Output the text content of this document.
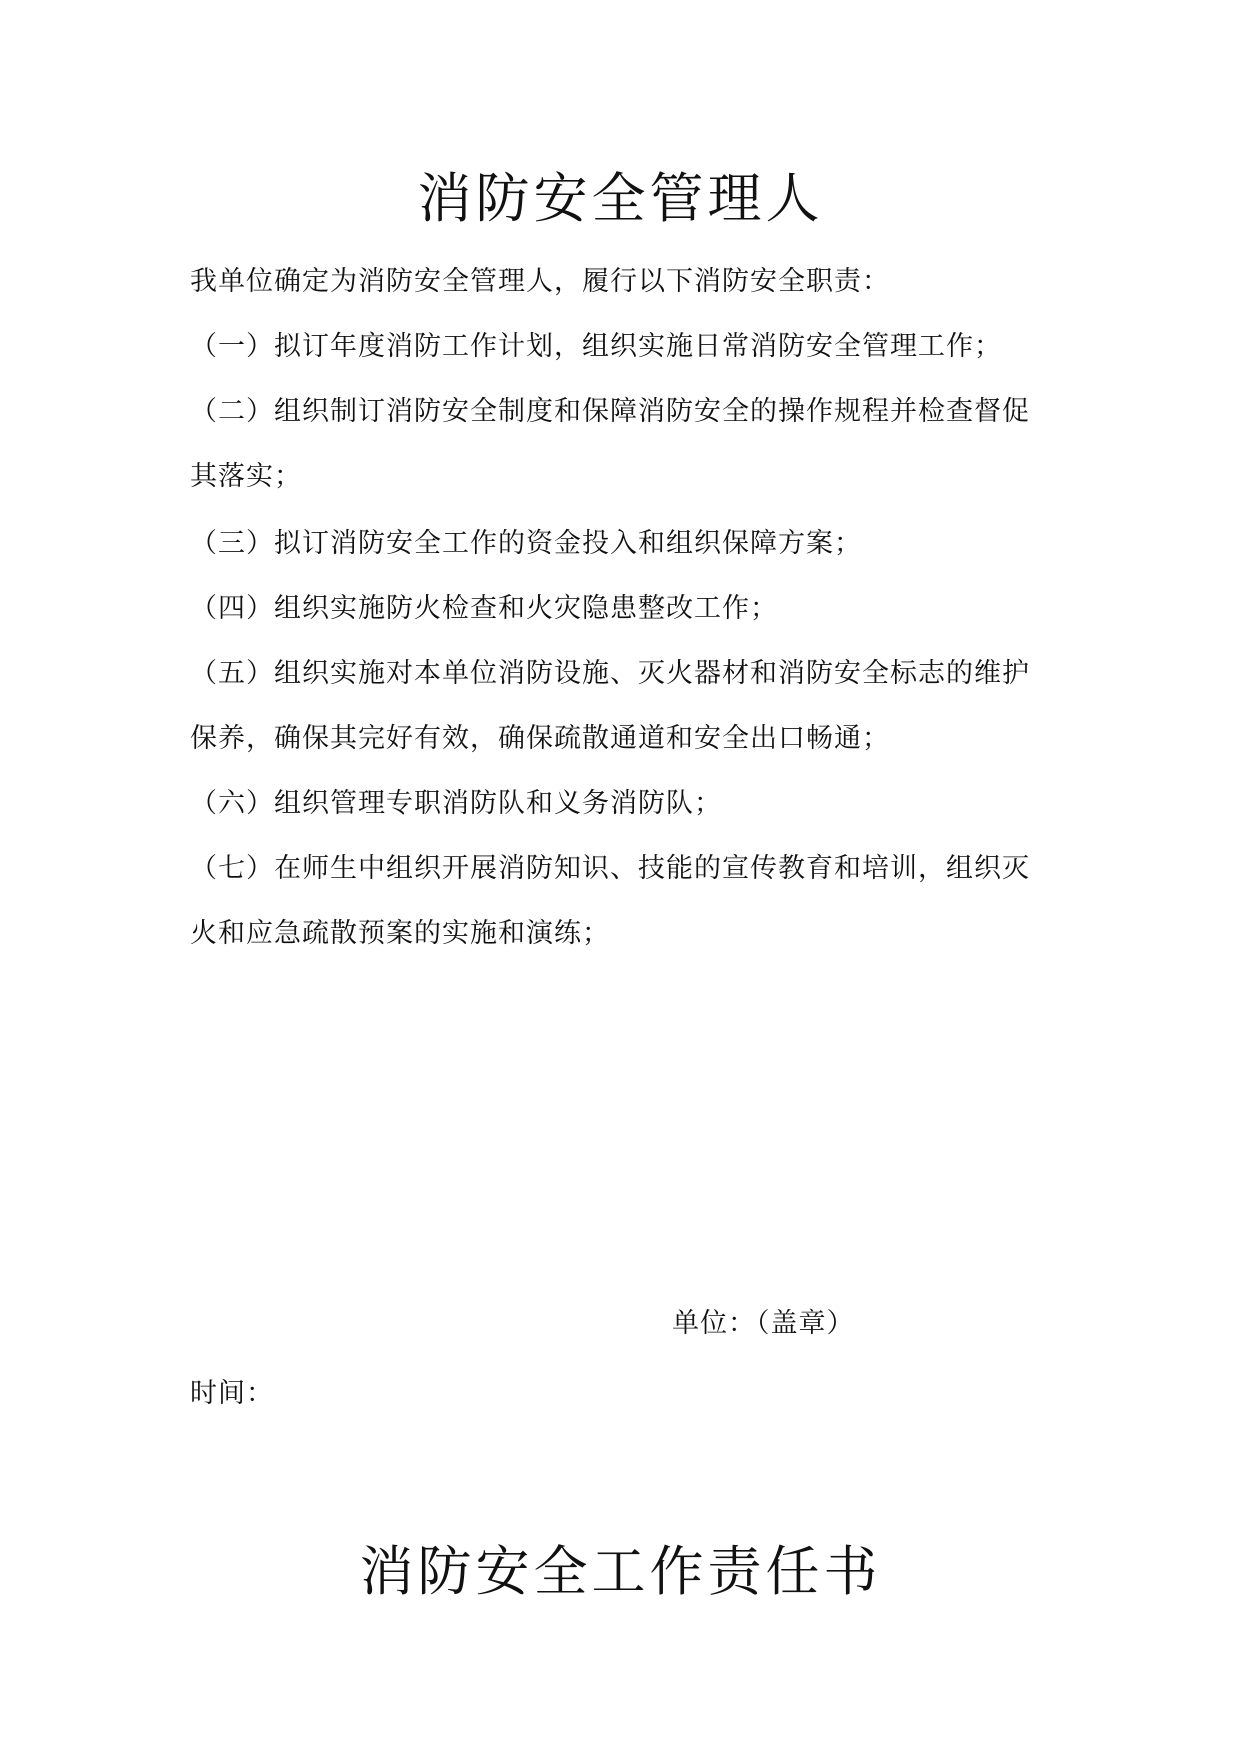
消防安全管理人
我单位确定为消防安全管理人，履行以下消防安全职责：
（一）拟订年度消防工作计划，组织实施日常消防安全管理工作；
（二）组织制订消防安全制度和保障消防安全的操作规程并检查督促
其落实；
（三）拟订消防安全工作的资金投入和组织保障方案；
（四）组织实施防火检查和火灾隐患整改工作；
（五）组织实施对本单位消防设施、灭火器材和消防安全标志的维护
保养，确保其完好有效，确保疏散通道和安全出口畅通；
（六）组织管理专职消防队和义务消防队；
（七）在师生中组织开展消防知识、技能的宣传教育和培训，组织灭
火和应急疏散预案的实施和演练；
单位：（盖章）
时间：
消防安全工作责任书
